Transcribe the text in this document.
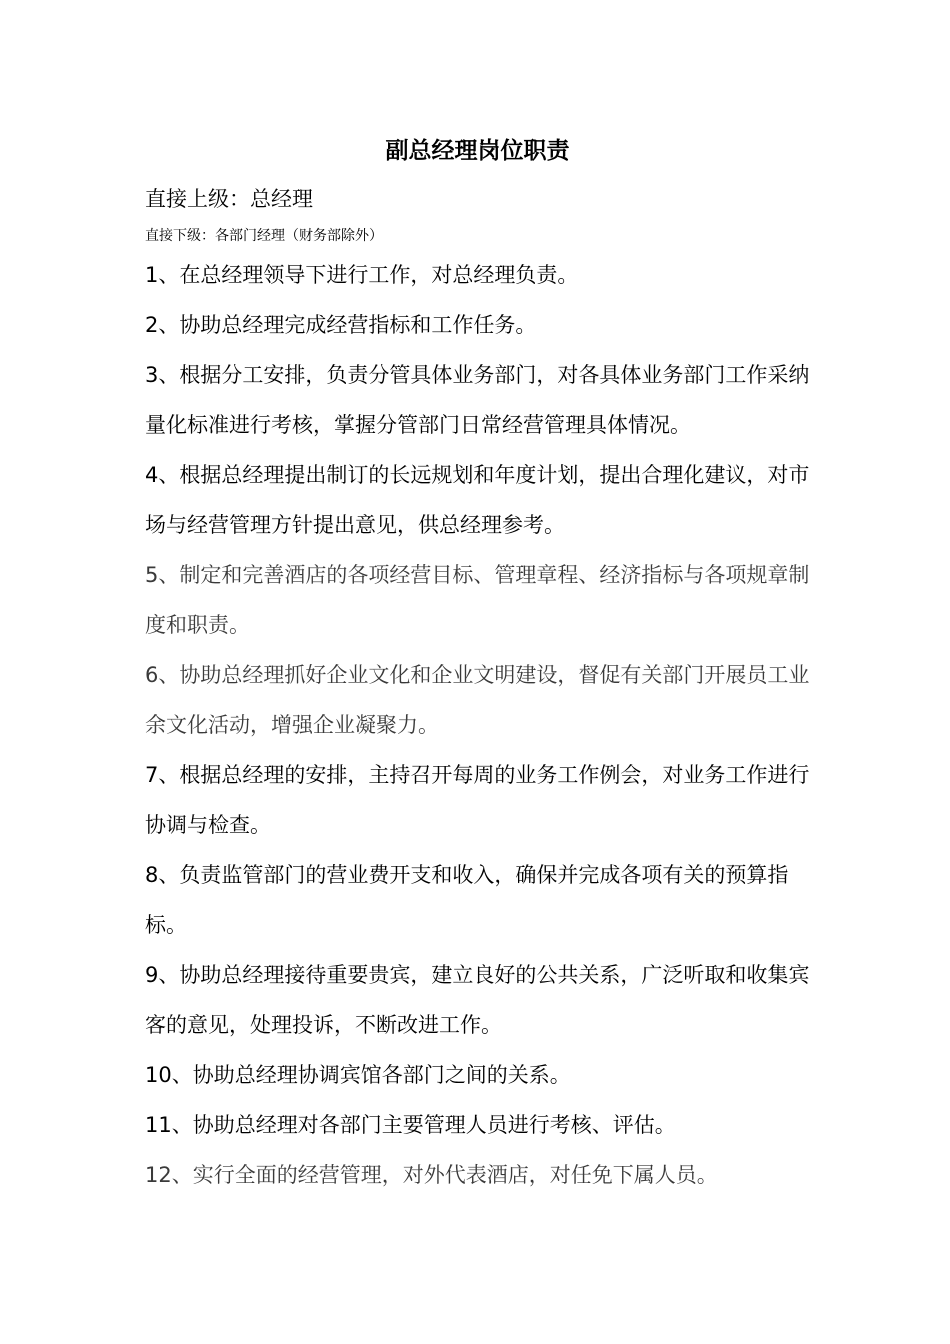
副总经理岗位职责

直接上级：总经理

直接下级：各部门经理（财务部除外）

1、在总经理领导下进行工作，对总经理负责。
2、协助总经理完成经营指标和工作任务。
3、根据分工安排，负责分管具体业务部门，对各具体业务部门工作采纳量化标准进行考核，掌握分管部门日常经营管理具体情况。
4、根据总经理提出制订的长远规划和年度计划，提出合理化建议，对市场与经营管理方针提出意见，供总经理参考。
5、制定和完善酒店的各项经营目标、管理章程、经济指标与各项规章制度和职责。
6、协助总经理抓好企业文化和企业文明建设，督促有关部门开展员工业余文化活动，增强企业凝聚力。
7、根据总经理的安排，主持召开每周的业务工作例会，对业务工作进行协调与检查。
8、负责监管部门的营业费开支和收入，确保并完成各项有关的预算指标。
9、协助总经理接待重要贵宾，建立良好的公共关系，广泛听取和收集宾客的意见，处理投诉，不断改进工作。
10、协助总经理协调宾馆各部门之间的关系。
11、协助总经理对各部门主要管理人员进行考核、评估。
12、实行全面的经营管理，对外代表酒店，对任免下属人员。
